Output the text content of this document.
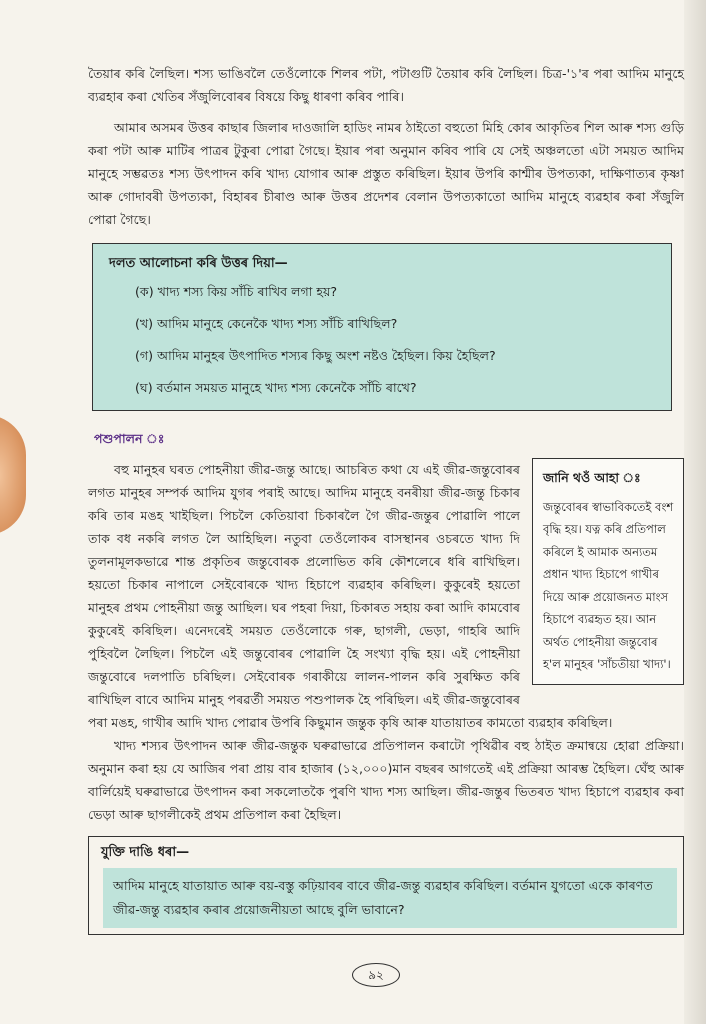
তৈয়াৰ কৰি লৈছিল। শস্য ভাঙিবলৈ তেওঁলোকে শিলৰ পটা, পটাগুটি তৈয়াৰ কৰি লৈছিল। চিত্ৰ-'১'ৰ পৰা আদিম মানুহে ব্যৱহাৰ কৰা খেতিৰ সঁজুলিবোৰৰ বিষয়ে কিছু ধাৰণা কৰিব পাৰি।

আমাৰ অসমৰ উত্তৰ কাছাৰ জিলাৰ দাওজালি হাডিং নামৰ ঠাইতো বহুতো মিহি কোৰ আকৃতিৰ শিল আৰু শস্য গুড়ি কৰা পটা আৰু মাটিৰ পাত্ৰৰ টুকুৰা পোৱা গৈছে। ইয়াৰ পৰা অনুমান কৰিব পাৰি যে সেই অঞ্চলতো এটা সময়ত আদিম মানুহে সম্ভৱতঃ শস্য উৎপাদন কৰি খাদ্য যোগাৰ আৰু প্ৰস্তুত কৰিছিল। ইয়াৰ উপৰি কাশ্মীৰ উপত্যকা, দাক্ষিণাত্যৰ কৃষ্ণা আৰু গোদাবৰী উপত্যকা, বিহাৰৰ চীৰাণ্ড আৰু উত্তৰ প্ৰদেশৰ বেলান উপত্যকাতো আদিম মানুহে ব্যৱহাৰ কৰা সঁজুলি পোৱা গৈছে।

দলত আলোচনা কৰি উত্তৰ দিয়া—
(ক) খাদ্য শস্য কিয় সাঁচি ৰাখিব লগা হয়?
(খ) আদিম মানুহে কেনেকৈ খাদ্য শস্য সাঁচি ৰাখিছিল?
(গ) আদিম মানুহৰ উৎপাদিত শস্যৰ কিছু অংশ নষ্টও হৈছিল। কিয় হৈছিল?
(ঘ) বৰ্তমান সময়ত মানুহে খাদ্য শস্য কেনেকৈ সাঁচি ৰাখে?
পশুপালন ঃ
জানি থওঁ আহা ঃ
জন্তুবোৰৰ স্বাভাবিকতেই বংশ বৃদ্ধি হয়। যত্ন কৰি প্ৰতিপাল কৰিলে ই আমাক অন্যতম প্ৰধান খাদ্য হিচাপে গাখীৰ দিয়ে আৰু প্ৰয়োজনত মাংস হিচাপে ব্যৱহৃত হয়। আন অৰ্থত পোহনীয়া জন্তুবোৰ হ'ল মানুহৰ 'সাঁচতীয়া খাদ্য'।

বহু মানুহৰ ঘৰত পোহনীয়া জীৱ-জন্তু আছে। আচৰিত কথা যে এই জীৱ-জন্তুবোৰৰ লগত মানুহৰ সম্পৰ্ক আদিম যুগৰ পৰাই আছে। আদিম মানুহে বনৰীয়া জীৱ-জন্তু চিকাৰ কৰি তাৰ মঙহ খাইছিল। পিচলৈ কেতিয়াবা চিকাৰলৈ গৈ জীৱ-জন্তুৰ পোৱালি পালে তাক বধ নকৰি লগত লৈ আহিছিল। নতুবা তেওঁলোকৰ বাসস্থানৰ ওচৰতে খাদ্য দি তুলনামূলকভাৱে শান্ত প্ৰকৃতিৰ জন্তুবোৰক প্ৰলোভিত কৰি কৌশলেৰে ধৰি ৰাখিছিল। হয়তো চিকাৰ নাপালে সেইবোৰকে খাদ্য হিচাপে ব্যৱহাৰ কৰিছিল। কুকুৰেই হয়তো মানুহৰ প্ৰথম পোহনীয়া জন্তু আছিল। ঘৰ পহৰা দিয়া, চিকাৰত সহায় কৰা আদি কামবোৰ কুকুৰেই কৰিছিল। এনেদৰেই সময়ত তেওঁলোকে গৰু, ছাগলী, ভেড়া, গাহৰি আদি পুহিবলৈ লৈছিল। পিচলৈ এই জন্তুবোৰৰ পোৱালি হৈ সংখ্যা বৃদ্ধি হয়। এই পোহনীয়া জন্তুবোৰে দলপাতি চৰিছিল। সেইবোৰক গৰাকীয়ে লালন-পালন কৰি সুৰক্ষিত কৰি ৰাখিছিল বাবে আদিম মানুহ পৰৱৰ্তী সময়ত পশুপালক হৈ পৰিছিল। এই জীৱ-জন্তুবোৰৰ পৰা মঙহ, গাখীৰ আদি খাদ্য পোৱাৰ উপৰি কিছুমান জন্তুক কৃষি আৰু যাতায়াতৰ কামতো ব্যৱহাৰ কৰিছিল।

খাদ্য শস্যৰ উৎপাদন আৰু জীৱ-জন্তুক ঘৰুৱাভাৱে প্ৰতিপালন কৰাটো পৃথিৱীৰ বহু ঠাইত ক্ৰমান্বয়ে হোৱা প্ৰক্ৰিয়া। অনুমান কৰা হয় যে আজিৰ পৰা প্ৰায় বাৰ হাজাৰ (১২,০০০)মান বছৰৰ আগতেই এই প্ৰক্ৰিয়া আৰম্ভ হৈছিল। ঘেঁহু আৰু বাৰ্লিয়েই ঘৰুৱাভাৱে উৎপাদন কৰা সকলোতকৈ পুৰণি খাদ্য শস্য আছিল। জীৱ-জন্তুৰ ভিতৰত খাদ্য হিচাপে ব্যৱহাৰ কৰা ভেড়া আৰু ছাগলীকেই প্ৰথম প্ৰতিপাল কৰা হৈছিল।

যুক্তি দাঙি ধৰা—
আদিম মানুহে যাতায়াত আৰু বয়-বস্তু কঢ়িয়াবৰ বাবে জীৱ-জন্তু ব্যৱহাৰ কৰিছিল। বৰ্তমান যুগতো একে কাৰণত জীৱ-জন্তু ব্যৱহাৰ কৰাৰ প্ৰয়োজনীয়তা আছে বুলি ভাবানে?
৯২
